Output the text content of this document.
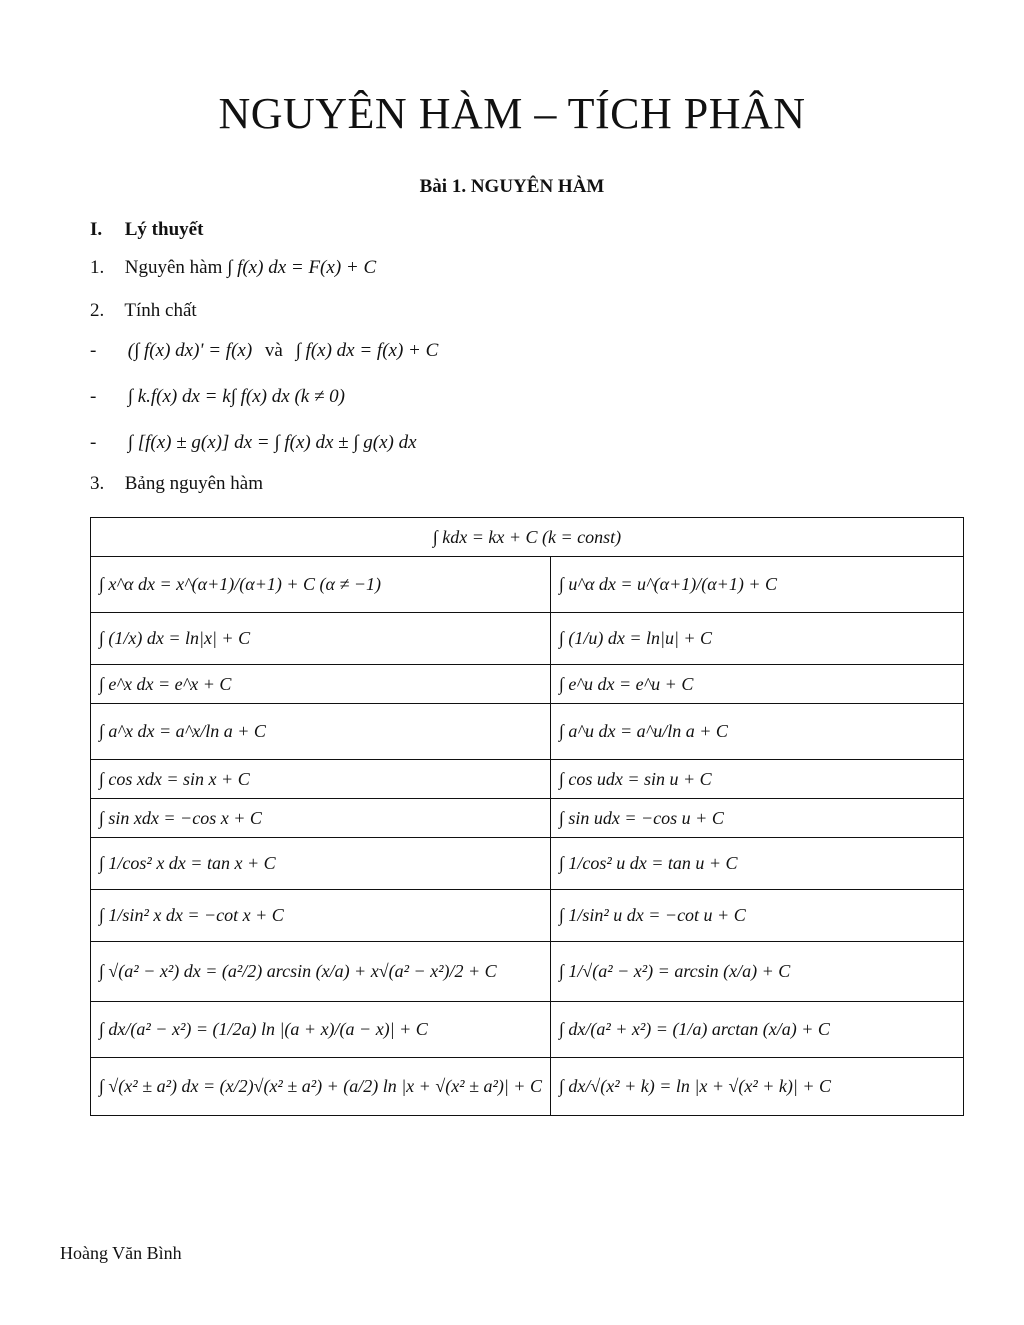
NGUYÊN HÀM – TÍCH PHÂN
Bài 1. NGUYÊN HÀM
I. Lý thuyết
1. Nguyên hàm ∫ f(x) dx = F(x) + C
2. Tính chất
- (∫ f(x) dx)' = f(x) và ∫ f(x) dx = f(x) + C
- ∫ k.f(x) dx = k∫ f(x) dx (k ≠ 0)
- ∫ [f(x) ± g(x)] dx = ∫ f(x) dx ± ∫ g(x) dx
3. Bảng nguyên hàm
∫ kdx = kx + C (k = const)	
∫ x^α dx = x^(α+1)/(α+1) + C (α ≠ −1)	∫ u^α dx = u^(α+1)/(α+1) + C
∫ (1/x) dx = ln|x| + C	∫ (1/u) dx = ln|u| + C
∫ e^x dx = e^x + C	∫ e^u dx = e^u + C
∫ a^x dx = a^x/ln a + C	∫ a^u dx = a^u/ln a + C
∫ cos xdx = sin x + C	∫ cos udx = sin u + C
∫ sin xdx = −cos x + C	∫ sin udx = −cos u + C
∫ 1/cos² x dx = tan x + C	∫ 1/cos² u dx = tan u + C
∫ 1/sin² x dx = −cot x + C	∫ 1/sin² u dx = −cot u + C
∫ √(a² − x²) dx = (a²/2) arcsin (x/a) + x√(a² − x²)/2 + C	∫ 1/√(a² − x²) = arcsin (x/a) + C
∫ dx/(a² − x²) = (1/2a) ln |(a + x)/(a − x)| + C	∫ dx/(a² + x²) = (1/a) arctan (x/a) + C
∫ √(x² ± a²) dx = (x/2)√(x² ± a²) + (a/2) ln |x + √(x² ± a²)| + C	∫ dx/√(x² + k) = ln |x + √(x² + k)| + C
Hoàng Văn Bình
